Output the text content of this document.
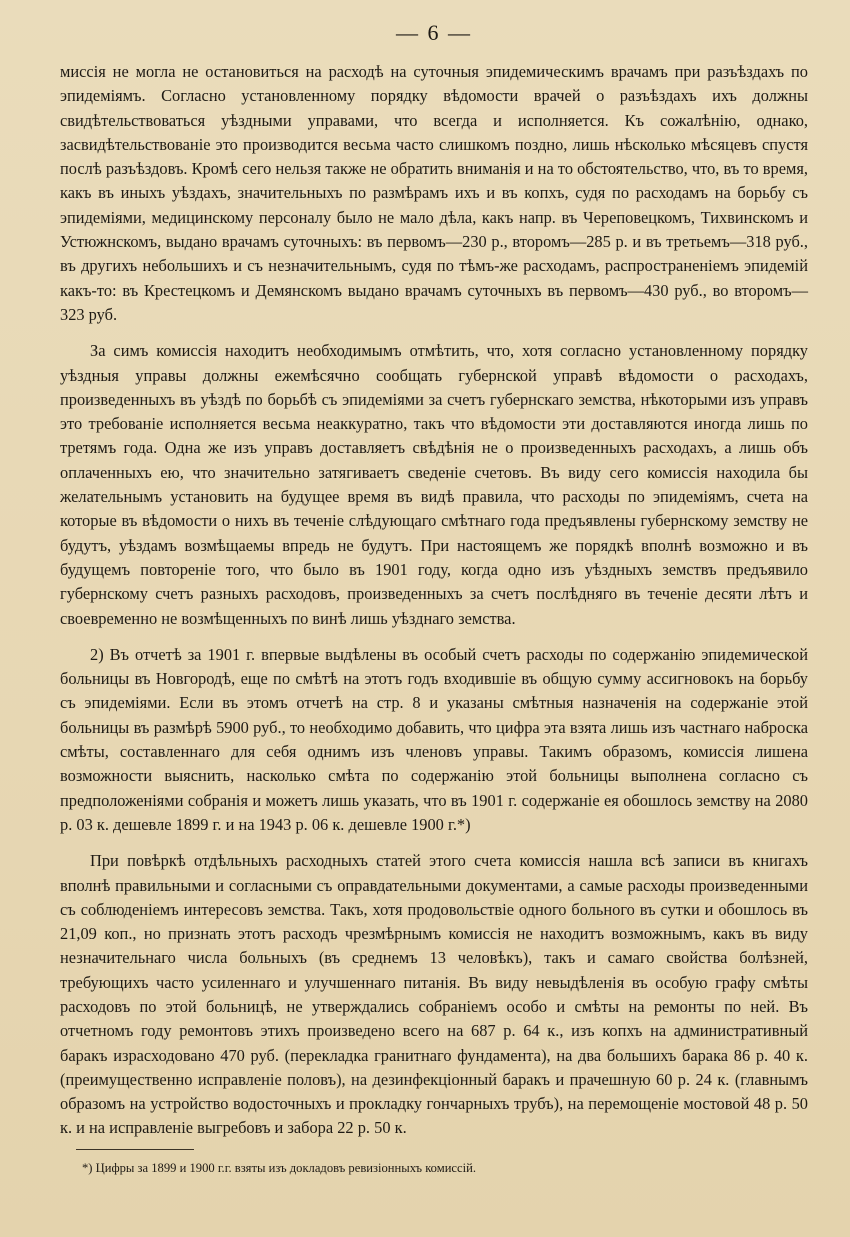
— 6 —

миссія не могла не остановиться на расходѣ на суточныя эпидемическимъ врачамъ при разъѣздахъ по эпидеміямъ. Согласно установленному порядку вѣдомости врачей о разъѣздахъ ихъ должны свидѣтельствоваться уѣздными управами, что всегда и исполняется. Къ сожалѣнію, однако, засвидѣтельствованіе это производится весьма часто слишкомъ поздно, лишь нѣсколько мѣсяцевъ спустя послѣ разъѣздовъ. Кромѣ сего нельзя также не обратить вниманія и на то обстоятельство, что, въ то время, какъ въ иныхъ уѣздахъ, значительныхъ по размѣрамъ ихъ и въ копхъ, судя по расходамъ на борьбу съ эпидеміями, медицинскому персоналу было не мало дѣла, какъ напр. въ Череповецкомъ, Тихвинскомъ и Устюжнскомъ, выдано врачамъ суточныхъ: въ первомъ—230 р., второмъ—285 р. и въ третьемъ—318 руб., въ другихъ небольшихъ и съ незначительнымъ, судя по тѣмъ-же расходамъ, распространеніемъ эпидемій какъ-то: въ Крестецкомъ и Демянскомъ выдано врачамъ суточныхъ въ первомъ—430 руб., во второмъ—323 руб.

За симъ комиссія находитъ необходимымъ отмѣтить, что, хотя согласно установленному порядку уѣздныя управы должны ежемѣсячно сообщать губернской управѣ вѣдомости о расходахъ, произведенныхъ въ уѣздѣ по борьбѣ съ эпидеміями за счетъ губернскаго земства, нѣкоторыми изъ управъ это требованіе исполняется весьма неаккуратно, такъ что вѣдомости эти доставляются иногда лишь по третямъ года. Одна же изъ управъ доставляетъ свѣдѣнія не о произведенныхъ расходахъ, а лишь объ оплаченныхъ ею, что значительно затягиваетъ сведеніе счетовъ. Въ виду сего комиссія находила бы желательнымъ установить на будущее время въ видѣ правила, что расходы по эпидеміямъ, счета на которые въ вѣдомости о нихъ въ теченіе слѣдующаго смѣтнаго года предъявлены губернскому земству не будутъ, уѣздамъ возмѣщаемы впредь не будутъ. При настоящемъ же порядкѣ вполнѣ возможно и въ будущемъ повтореніе того, что было въ 1901 году, когда одно изъ уѣздныхъ земствъ предъявило губернскому счетъ разныхъ расходовъ, произведенныхъ за счетъ послѣдняго въ теченіе десяти лѣтъ и своевременно не возмѣщенныхъ по винѣ лишь уѣзднаго земства.

2) Въ отчетѣ за 1901 г. впервые выдѣлены въ особый счетъ расходы по содержанію эпидемической больницы въ Новгородѣ, еще по смѣтѣ на этотъ годъ входившіе въ общую сумму ассигновокъ на борьбу съ эпидеміями. Если въ этомъ отчетѣ на стр. 8 и указаны смѣтныя назначенія на содержаніе этой больницы въ размѣрѣ 5900 руб., то необходимо добавить, что цифра эта взята лишь изъ частнаго наброска смѣты, составленнаго для себя однимъ изъ членовъ управы. Такимъ образомъ, комиссія лишена возможности выяснить, насколько смѣта по содержанію этой больницы выполнена согласно съ предположеніями собранія и можетъ лишь указать, что въ 1901 г. содержаніе ея обошлось земству на 2080 р. 03 к. дешевле 1899 г. и на 1943 р. 06 к. дешевле 1900 г.*)

При повѣркѣ отдѣльныхъ расходныхъ статей этого счета комиссія нашла всѣ записи въ книгахъ вполнѣ правильными и согласными съ оправдательными документами, а самые расходы произведенными съ соблюденіемъ интересовъ земства. Такъ, хотя продовольствіе одного больного въ сутки и обошлось въ 21,09 коп., но признать этотъ расходъ чрезмѣрнымъ комиссія не находитъ возможнымъ, какъ въ виду незначительнаго числа больныхъ (въ среднемъ 13 человѣкъ), такъ и самаго свойства болѣзней, требующихъ часто усиленнаго и улучшеннаго питанія. Въ виду невыдѣленія въ особую графу смѣты расходовъ по этой больницѣ, не утверждались собраніемъ особо и смѣты на ремонты по ней. Въ отчетномъ году ремонтовъ этихъ произведено всего на 687 р. 64 к., изъ копхъ на административный баракъ израсходовано 470 руб. (перекладка гранитнаго фундамента), на два большихъ барака 86 р. 40 к. (преимущественно исправленіе половъ), на дезинфекціонный баракъ и прачешную 60 р. 24 к. (главнымъ образомъ на устройство водосточныхъ и прокладку гончарныхъ трубъ), на перемощеніе мостовой 48 р. 50 к. и на исправленіе выгребовъ и забора 22 р. 50 к.

*) Цифры за 1899 и 1900 г.г. взяты изъ докладовъ ревизіонныхъ комиссій.
